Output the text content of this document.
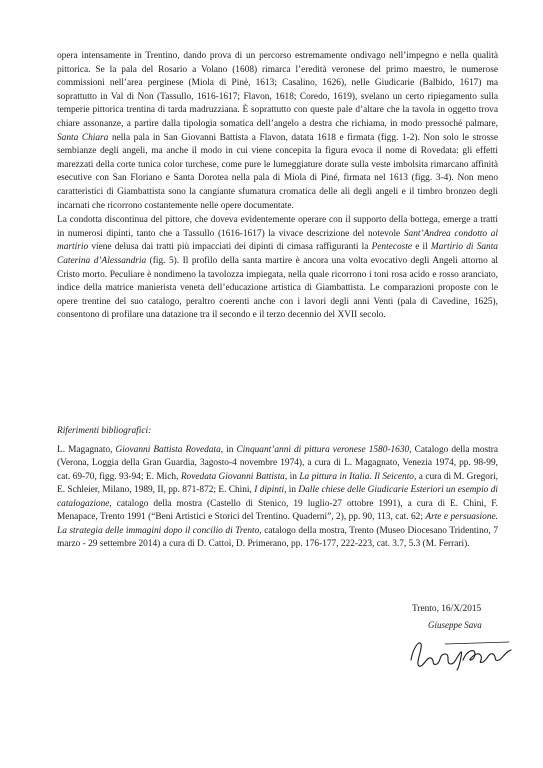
opera intensamente in Trentino, dando prova di un percorso estremamente ondivago nell’impegno e nella qualità pittorica. Se la pala del Rosario a Volano (1608) rimarca l’eredità veronese del primo maestro, le numerose commissioni nell’area perginese (Miola di Pinè, 1613; Casalino, 1626), nelle Giudicarie (Balbido, 1617) ma soprattutto in Val di Non (Tassullo, 1616-1617; Flavon, 1618; Coredo, 1619), svelano un certo ripiegamento sulla temperie pittorica trentina di tarda madruzziana. È soprattutto con queste pale d’altare che la tavola in oggetto trova chiare assonanze, a partire dalla tipologia somatica dell’angelo a destra che richiama, in modo pressoché palmare, Santa Chiara nella pala in San Giovanni Battista a Flavon, datata 1618 e firmata (figg. 1-2). Non solo le strosse sembianze degli angeli, ma anche il modo in cui viene concepita la figura evoca il nome di Rovedata: gli effetti marezzati della corte tunica color turchese, come pure le lumeggiature dorate sulla veste imbolsita rimarcano affinità esecutive con San Floriano e Santa Dorotea nella pala di Miola di Piné, firmata nel 1613 (figg. 3-4). Non meno caratteristici di Giambattista sono la cangiante sfumatura cromatica delle ali degli angeli e il timbro bronzeo degli incarnati che ricorrono costantemente nelle opere documentate.

La condotta discontinua del pittore, che doveva evidentemente operare con il supporto della bottega, emerge a tratti in numerosi dipinti, tanto che a Tassullo (1616-1617) la vivace descrizione del notevole Sant’Andrea condotto al martirio viene delusa dai tratti più impacciati dei dipinti di cimasa raffiguranti la Pentecoste e il Martirio di Santa Caterina d’Alessandria (fig. 5). Il profilo della santa martire è ancora una volta evocativo degli Angeli attorno al Cristo morto. Peculiare è nondimeno la tavolozza impiegata, nella quale ricorrono i toni rosa acido e rosso aranciato, indice della matrice manierista veneta dell’educazione artistica di Giambattista. Le comparazioni proposte con le opere trentine del suo catalogo, peraltro coerenti anche con i lavori degli anni Venti (pala di Cavedine, 1625), consentono di profilare una datazione tra il secondo e il terzo decennio del XVII secolo.

Riferimenti bibliografici:

L. Magagnato, Giovanni Battista Rovedata, in Cinquant’anni di pittura veronese 1580-1630, Catalogo della mostra (Verona, Loggia della Gran Guardia, 3agosto-4 novembre 1974), a cura di L. Magagnato, Venezia 1974, pp. 98-99, cat. 69-70, figg. 93-94; E. Mich, Rovedata Giovanni Battista, in La pittura in Italia. Il Seicento, a cura di M. Gregori, E. Schleier, Milano, 1989, II, pp. 871-872; E. Chini, I dipinti, in Dalle chiese delle Giudicarie Esteriori un esempio di catalogazione, catalogo della mostra (Castello di Stenico, 19 luglio-27 ottobre 1991), a cura di E. Chini, F. Menapace, Trento 1991 (“Beni Artistici e Storici del Trentino. Quaderni”, 2), pp. 90, 113, cat. 62; Arte e persuasione. La strategia delle immagini dopo il concilio di Trento, catalogo della mostra, Trento (Museo Diocesano Tridentino, 7 marzo - 29 settembre 2014) a cura di D. Cattoi, D. Primerano, pp. 176-177, 222-223, cat. 3.7, 5.3 (M. Ferrari).

Trento, 16/X/2015
Giuseppe Sava
